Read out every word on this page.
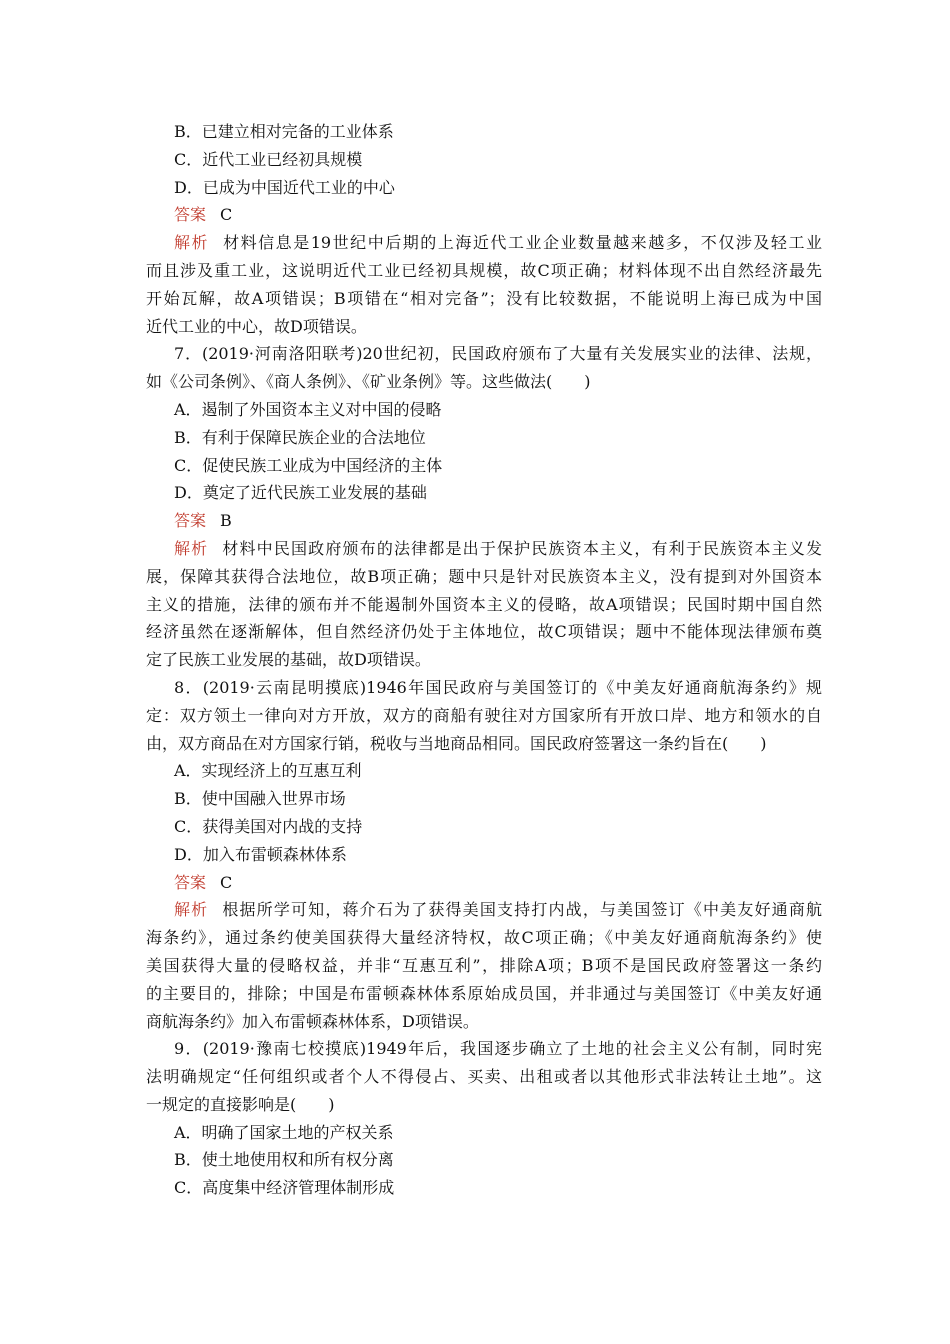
B．已建立相对完备的工业体系
C．近代工业已经初具规模
D．已成为中国近代工业的中心
答案 C
解析 材料信息是19世纪中后期的上海近代工业企业数量越来越多，不仅涉及轻工业
而且涉及重工业，这说明近代工业已经初具规模，故C项正确；材料体现不出自然经济最先
开始瓦解，故A项错误；B项错在“相对完备”；没有比较数据，不能说明上海已成为中国
近代工业的中心，故D项错误。
7．(2019·河南洛阳联考)20世纪初，民国政府颁布了大量有关发展实业的法律、法规，
如《公司条例》、《商人条例》、《矿业条例》等。这些做法(　　)
A．遏制了外国资本主义对中国的侵略
B．有利于保障民族企业的合法地位
C．促使民族工业成为中国经济的主体
D．奠定了近代民族工业发展的基础
答案 B
解析 材料中民国政府颁布的法律都是出于保护民族资本主义，有利于民族资本主义发
展，保障其获得合法地位，故B项正确；题中只是针对民族资本主义，没有提到对外国资本
主义的措施，法律的颁布并不能遏制外国资本主义的侵略，故A项错误；民国时期中国自然
经济虽然在逐渐解体，但自然经济仍处于主体地位，故C项错误；题中不能体现法律颁布奠
定了民族工业发展的基础，故D项错误。
8．(2019·云南昆明摸底)1946年国民政府与美国签订的《中美友好通商航海条约》规
定：双方领土一律向对方开放，双方的商船有驶往对方国家所有开放口岸、地方和领水的自
由，双方商品在对方国家行销，税收与当地商品相同。国民政府签署这一条约旨在(　　)
A．实现经济上的互惠互利
B．使中国融入世界市场
C．获得美国对内战的支持
D．加入布雷顿森林体系
答案 C
解析 根据所学可知，蒋介石为了获得美国支持打内战，与美国签订《中美友好通商航
海条约》，通过条约使美国获得大量经济特权，故C项正确；《中美友好通商航海条约》使
美国获得大量的侵略权益，并非“互惠互利”，排除A项；B项不是国民政府签署这一条约
的主要目的，排除；中国是布雷顿森林体系原始成员国，并非通过与美国签订《中美友好通
商航海条约》加入布雷顿森林体系，D项错误。
9．(2019·豫南七校摸底)1949年后，我国逐步确立了土地的社会主义公有制，同时宪
法明确规定“任何组织或者个人不得侵占、买卖、出租或者以其他形式非法转让土地”。这
一规定的直接影响是(　　)
A．明确了国家土地的产权关系
B．使土地使用权和所有权分离
C．高度集中经济管理体制形成
